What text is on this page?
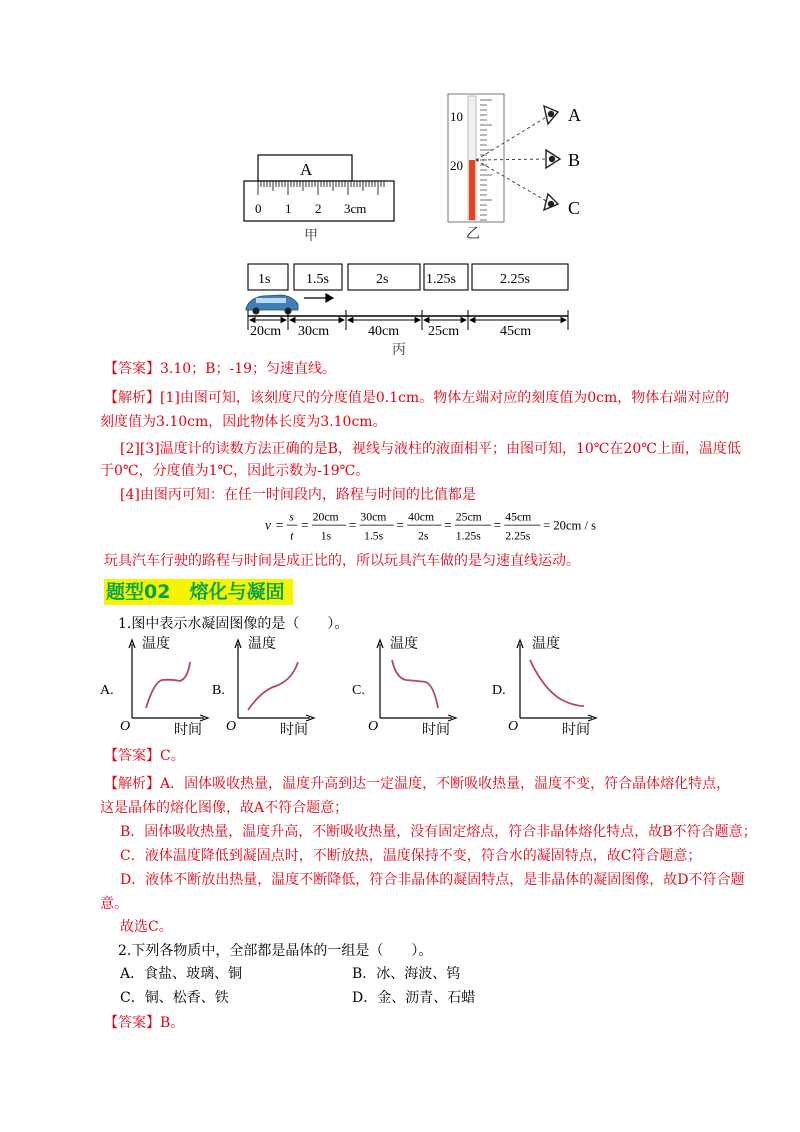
A
0 1 2 3cm
甲
10
20
A
B
C
乙
1s	1.5s	2s	1.25s	2.25s
20cm 30cm	40cm 25cm	45cm
丙
【答案】3.10；B；-19；匀速直线。
【解析】[1]由图可知，该刻度尺的分度值是0.1cm。物体左端对应的刻度值为0cm，物体右端对应的
刻度值为3.10cm，因此物体长度为3.10cm。
[2][3]温度计的读数方法正确的是B，视线与液柱的液面相平；由图可知，10℃在20℃上面，温度低
于0℃，分度值为1℃，因此示数为-19℃。
[4]由图丙可知：在任一时间段内，路程与时间的比值都是
v =
s
t
=
20cm
1s
=
30cm
1.5s
=
40cm
2s
=
25cm
1.25s
=
45cm
2.25s
= 20cm / s
玩具汽车行驶的路程与时间是成正比的，所以玩具汽车做的是匀速直线运动。
题型02　熔化与凝固
1.图中表示水凝固图像的是（　　）。
A.
温度
时间
O
B.
温度
时间
O
C.
温度
时间
O
D.
温度
时间
O
【答案】C。
【解析】A．固体吸收热量，温度升高到达一定温度，不断吸收热量，温度不变，符合晶体熔化特点，
这是晶体的熔化图像，故A不符合题意；
B．固体吸收热量，温度升高，不断吸收热量，没有固定熔点，符合非晶体熔化特点，故B不符合题意；
C．液体温度降低到凝固点时，不断放热，温度保持不变，符合水的凝固特点，故C符合题意；
D．液体不断放出热量，温度不断降低，符合非晶体的凝固特点，是非晶体的凝固图像，故D不符合题
意。
故选C。
2.下列各物质中，全部都是晶体的一组是（　　）。
A．食盐、玻璃、铜	B．冰、海波、钨
C．铜、松香、铁	D．金、沥青、石蜡
【答案】B。
